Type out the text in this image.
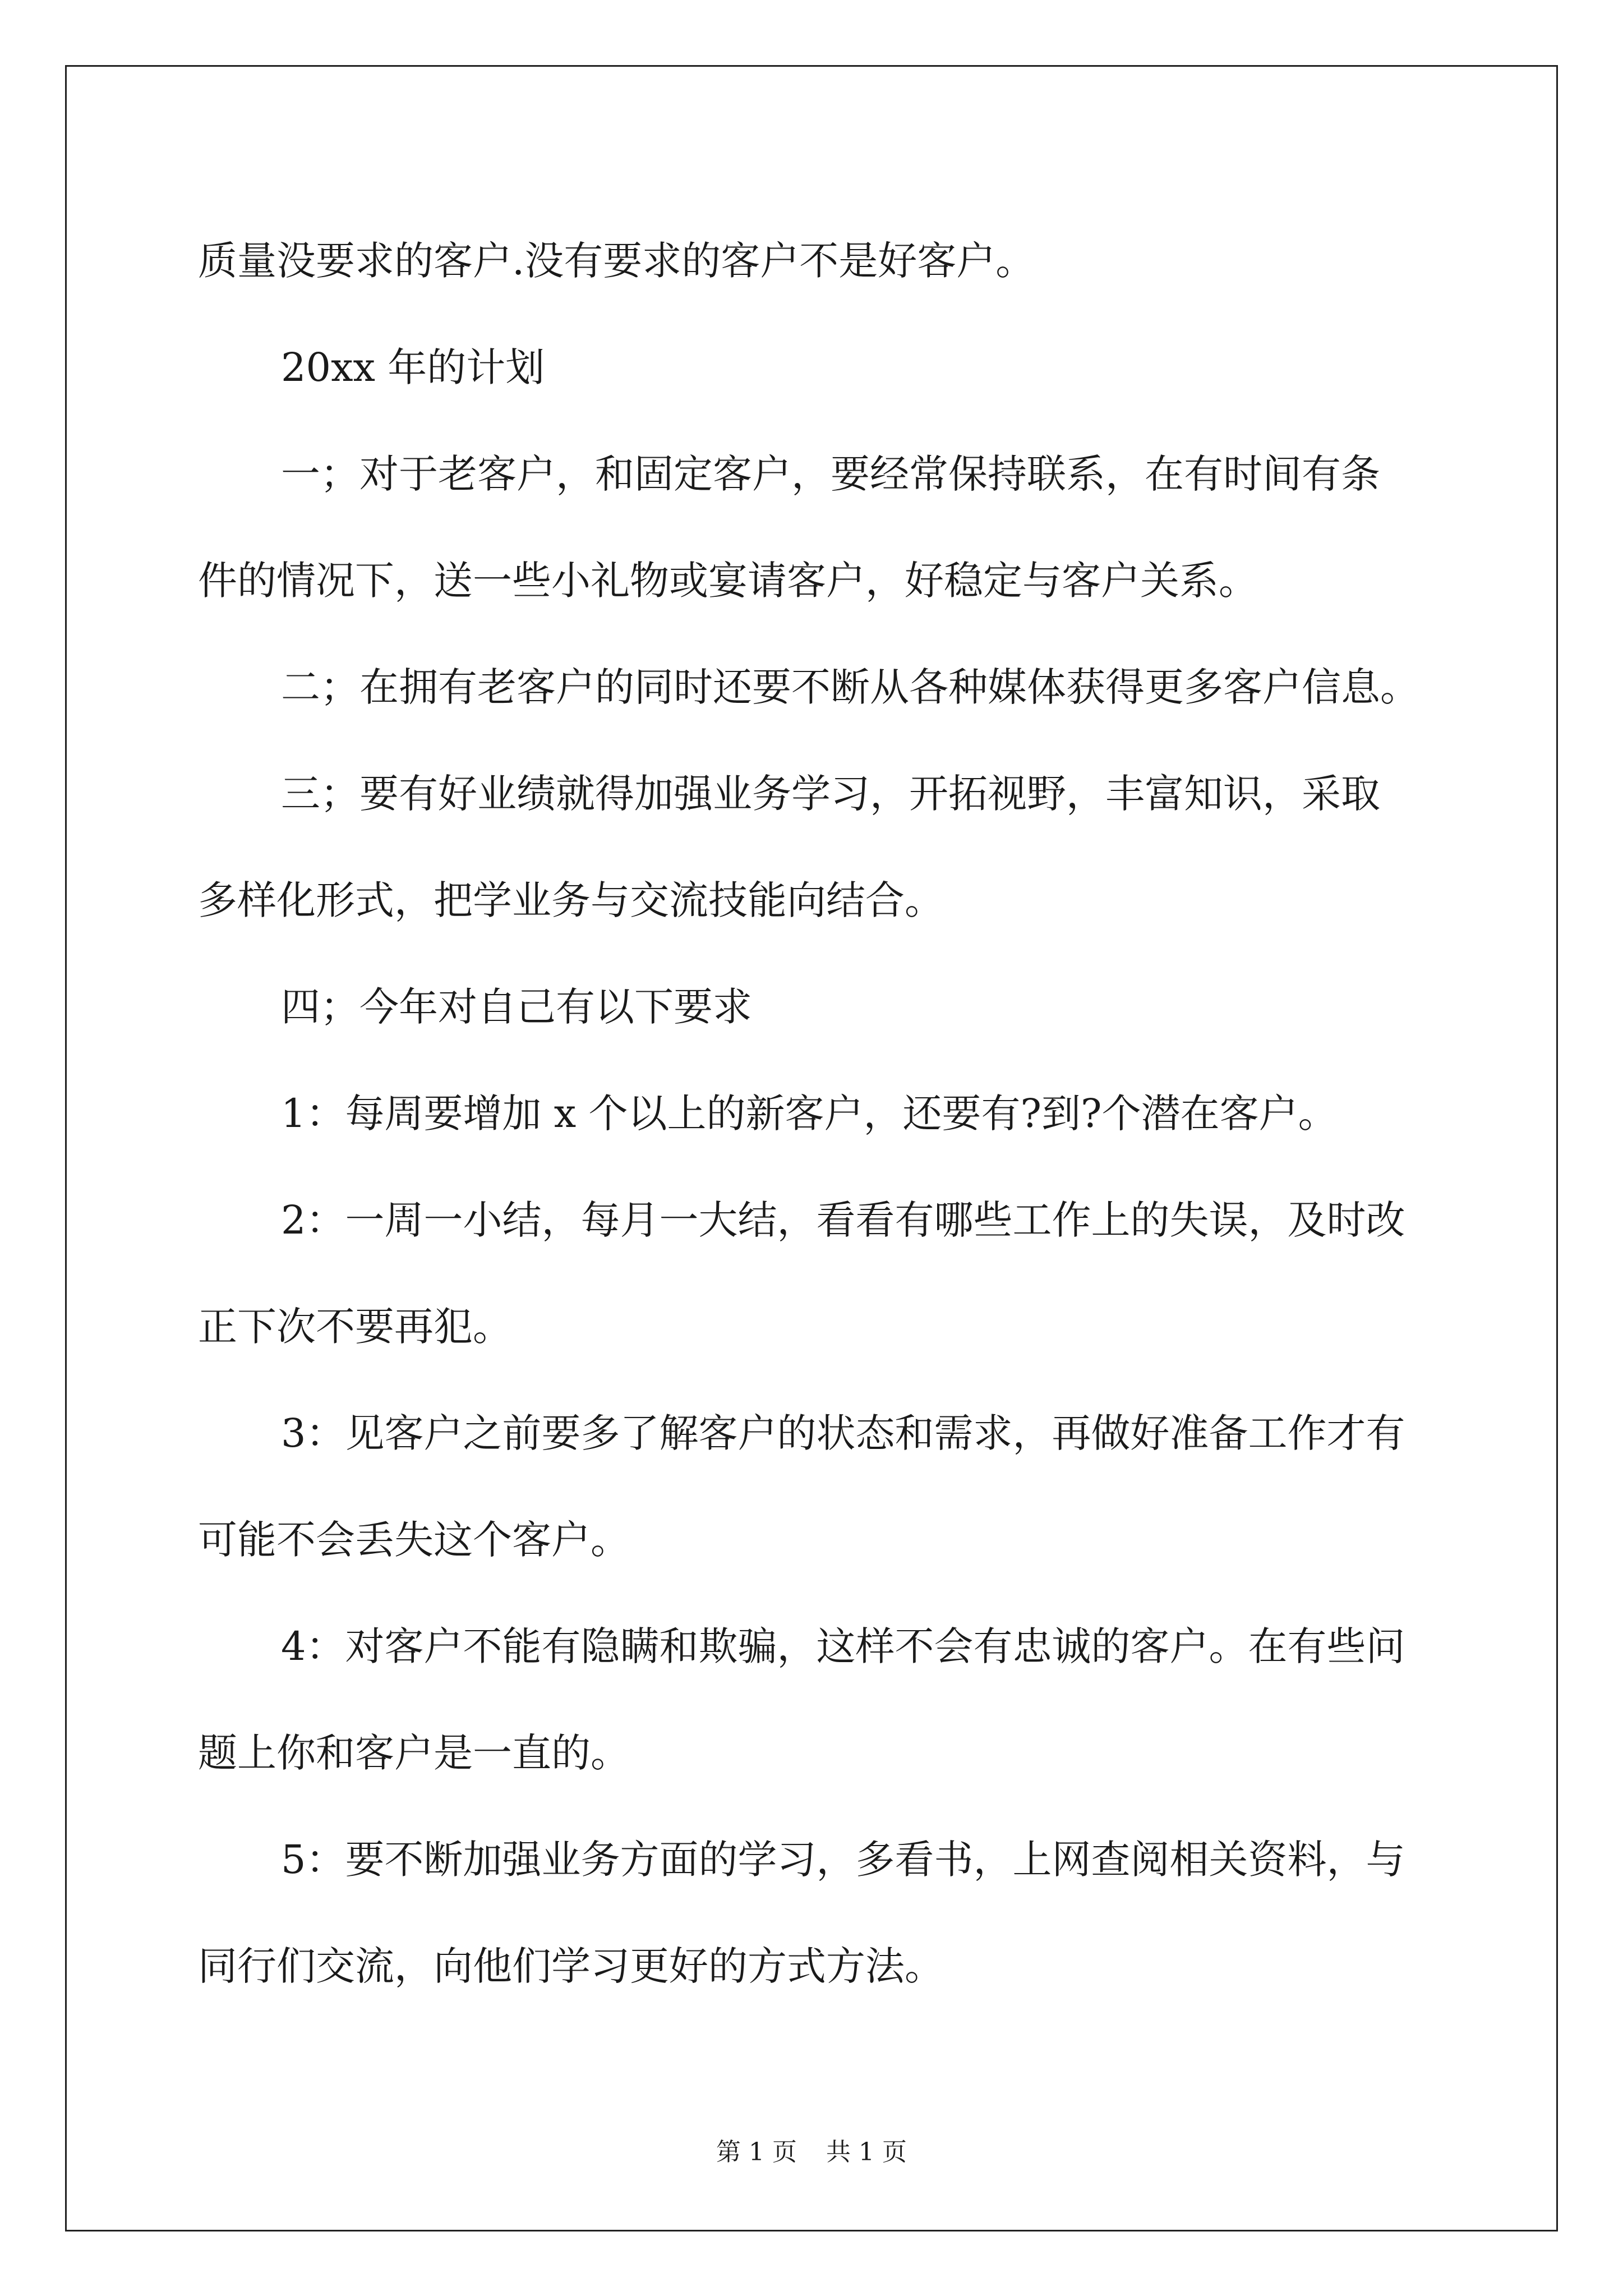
质量没要求的客户.没有要求的客户不是好客户。
20xx 年的计划
一；对于老客户，和固定客户，要经常保持联系，在有时间有条
件的情况下，送一些小礼物或宴请客户，好稳定与客户关系。
二；在拥有老客户的同时还要不断从各种媒体获得更多客户信息。
三；要有好业绩就得加强业务学习，开拓视野，丰富知识，采取
多样化形式，把学业务与交流技能向结合。
四；今年对自己有以下要求
1：每周要增加 x 个以上的新客户，还要有?到?个潜在客户。
2：一周一小结，每月一大结，看看有哪些工作上的失误，及时改
正下次不要再犯。
3：见客户之前要多了解客户的状态和需求，再做好准备工作才有
可能不会丢失这个客户。
4：对客户不能有隐瞒和欺骗，这样不会有忠诚的客户。在有些问
题上你和客户是一直的。
5：要不断加强业务方面的学习，多看书，上网查阅相关资料，与
同行们交流，向他们学习更好的方式方法。
第 1 页 共 1 页
